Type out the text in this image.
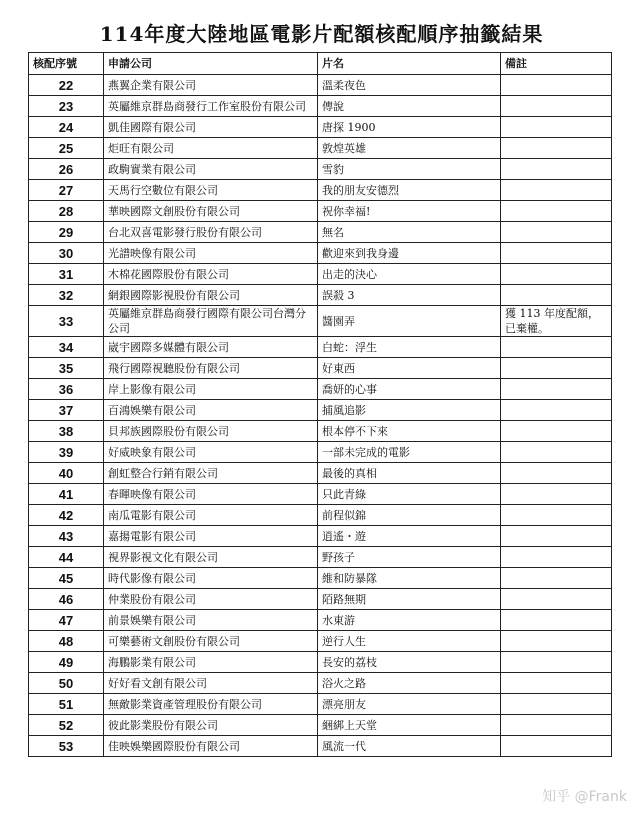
114年度大陸地區電影片配額核配順序抽籤結果
核配序號	申請公司	片名	備註
22	燕翼企業有限公司	溫柔夜色	
23	英屬維京群島商發行工作室股份有限公司	傳說	
24	凱佳國際有限公司	唐探 1900	
25	炬旺有限公司	敦煌英雄	
26	政駒實業有限公司	雪豹	
27	天馬行空數位有限公司	我的朋友安德烈	
28	華映國際文創股份有限公司	祝你幸福!	
29	台北双喜電影發行股份有限公司	無名	
30	光譜映像有限公司	歡迎來到我身邊	
31	木棉花國際股份有限公司	出走的決心	
32	網銀國際影視股份有限公司	誤殺 3	
33	英屬維京群島商發行國際有限公司台灣分公司	醬園弄	獲 113 年度配額，已棄權。
34	崴宇國際多媒體有限公司	白蛇：浮生	
35	飛行國際視聽股份有限公司	好東西	
36	岸上影像有限公司	喬妍的心事	
37	百鴻娛樂有限公司	捕風追影	
38	貝邦族國際股份有限公司	根本停不下來	
39	好威映象有限公司	一部未完成的電影	
40	創虹整合行銷有限公司	最後的真相	
41	春暉映像有限公司	只此青綠	
42	南瓜電影有限公司	前程似錦	
43	嘉揚電影有限公司	逍遙・遊	
44	視界影視文化有限公司	野孩子	
45	時代影像有限公司	維和防暴隊	
46	仲業股份有限公司	陌路無期	
47	前景娛樂有限公司	水東游	
48	可樂藝術文創股份有限公司	逆行人生	
49	海鵬影業有限公司	長安的荔枝	
50	好好看文創有限公司	浴火之路	
51	無敵影業資產管理股份有限公司	漂亮朋友	
52	彼此影業股份有限公司	綑綁上天堂	
53	佳映娛樂國際股份有限公司	風流一代	
知乎 @Frank
